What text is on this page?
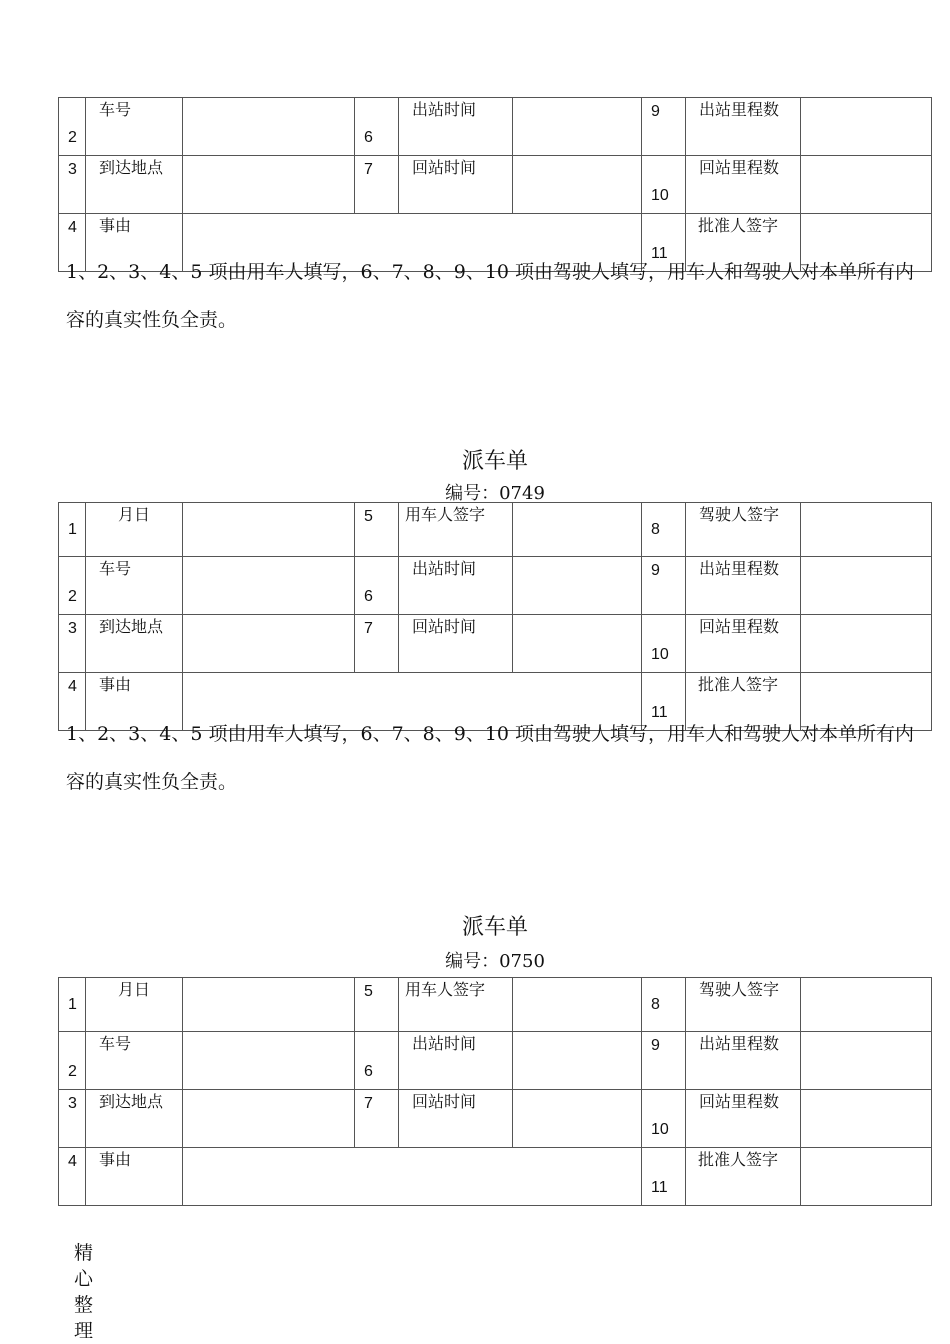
2	车号		6	出站时间		9	出站里程数	
3	到达地点		7	回站时间		10	回站里程数	
4	事由					11	批准人签字	
1、2、3、4、5 项由用车人填写，6、7、8、9、10 项由驾驶人填写，用车人和驾驶人对本单所有内容的真实性负全责。
派车单
编号：0749
1	月日		5	用车人签字		8	驾驶人签字	
2	车号		6	出站时间		9	出站里程数	
3	到达地点		7	回站时间		10	回站里程数	
4	事由					11	批准人签字	
1、2、3、4、5 项由用车人填写，6、7、8、9、10 项由驾驶人填写，用车人和驾驶人对本单所有内容的真实性负全责。
派车单
编号：0750
1	月日		5	用车人签字		8	驾驶人签字	
2	车号		6	出站时间		9	出站里程数	
3	到达地点		7	回站时间		10	回站里程数	
4	事由					11	批准人签字	
精心整理
